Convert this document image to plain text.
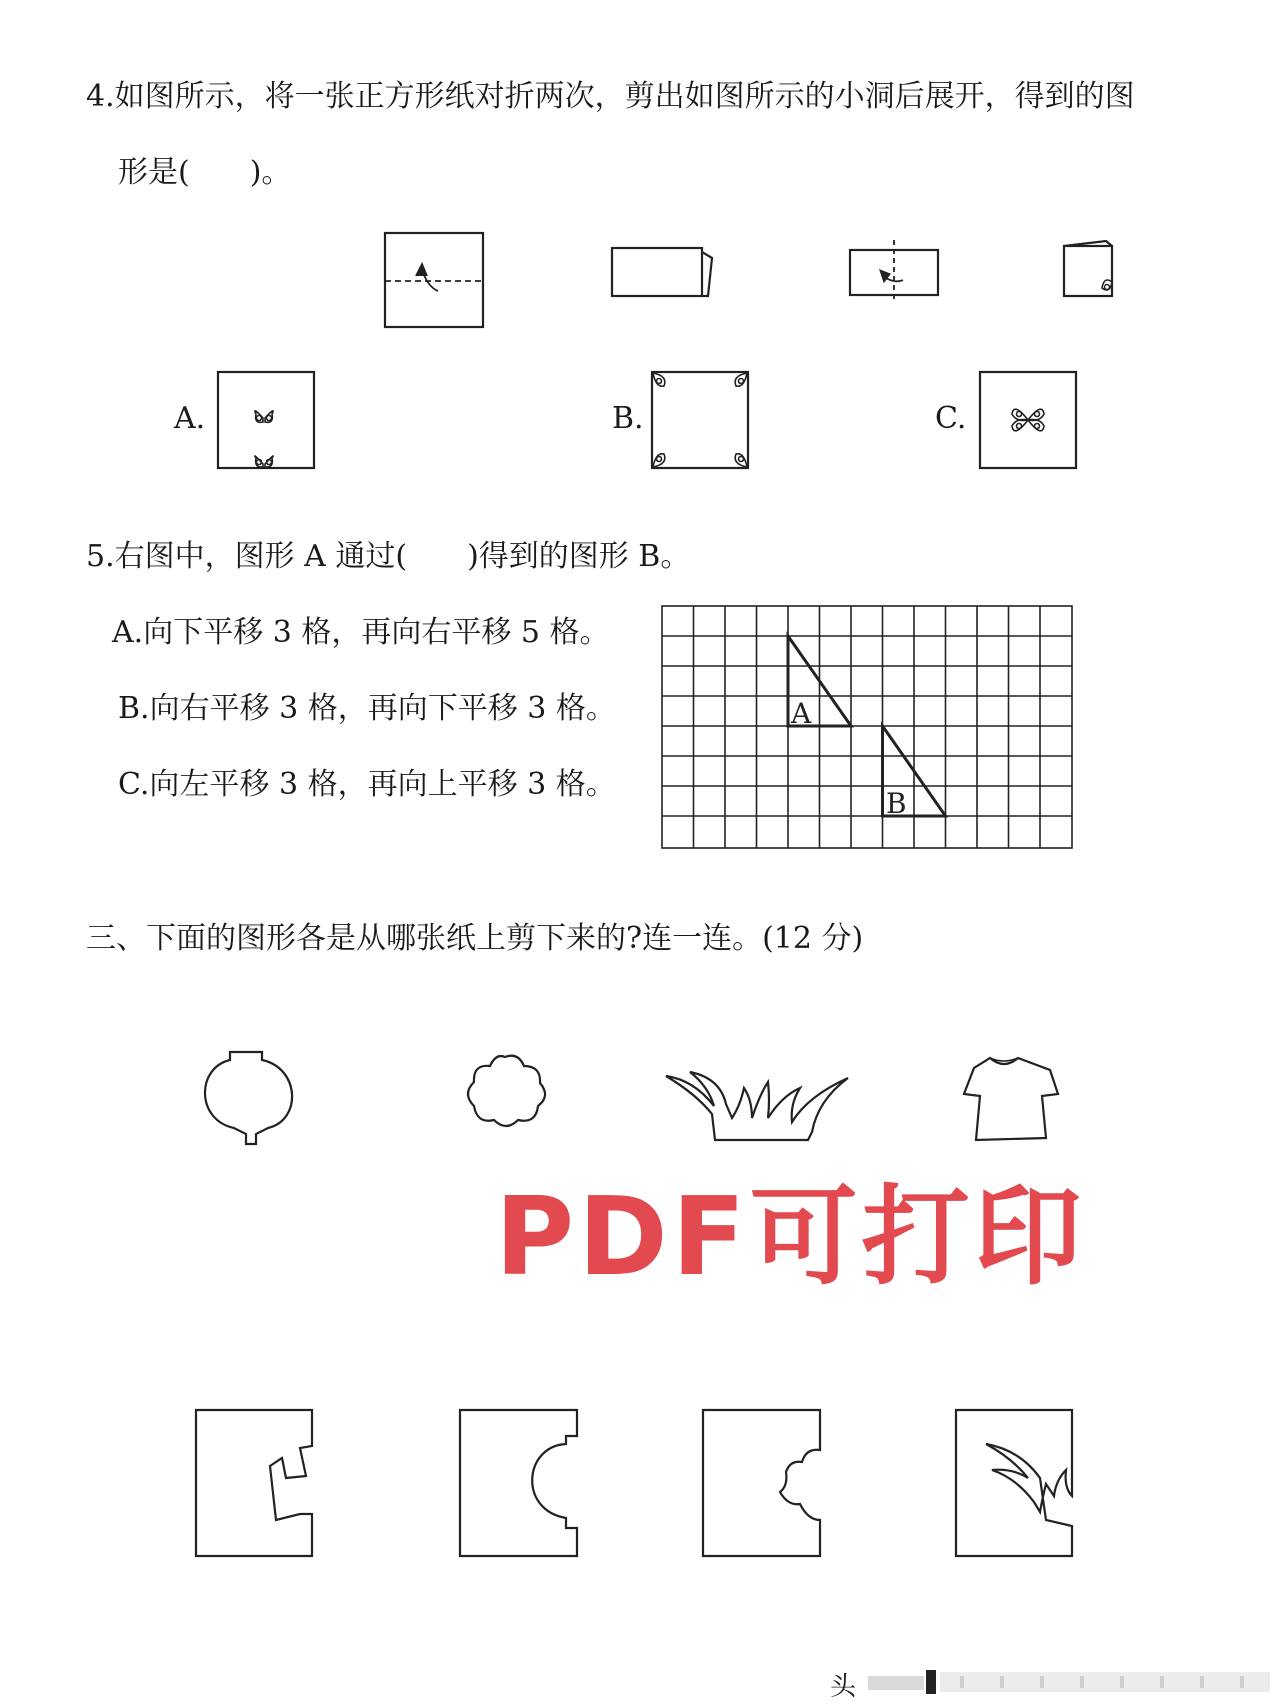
4.如图所示，将一张正方形纸对折两次，剪出如图所示的小洞后展开，得到的图
形是(　　)。
A.	B.	C.
5.右图中，图形 A 通过(　　)得到的图形 B。
A.向下平移 3 格，再向右平移 5 格。
B.向右平移 3 格，再向下平移 3 格。
C.向左平移 3 格，再向上平移 3 格。
三、下面的图形各是从哪张纸上剪下来的?连一连。(12 分)
A
B
PDF可打印
头
